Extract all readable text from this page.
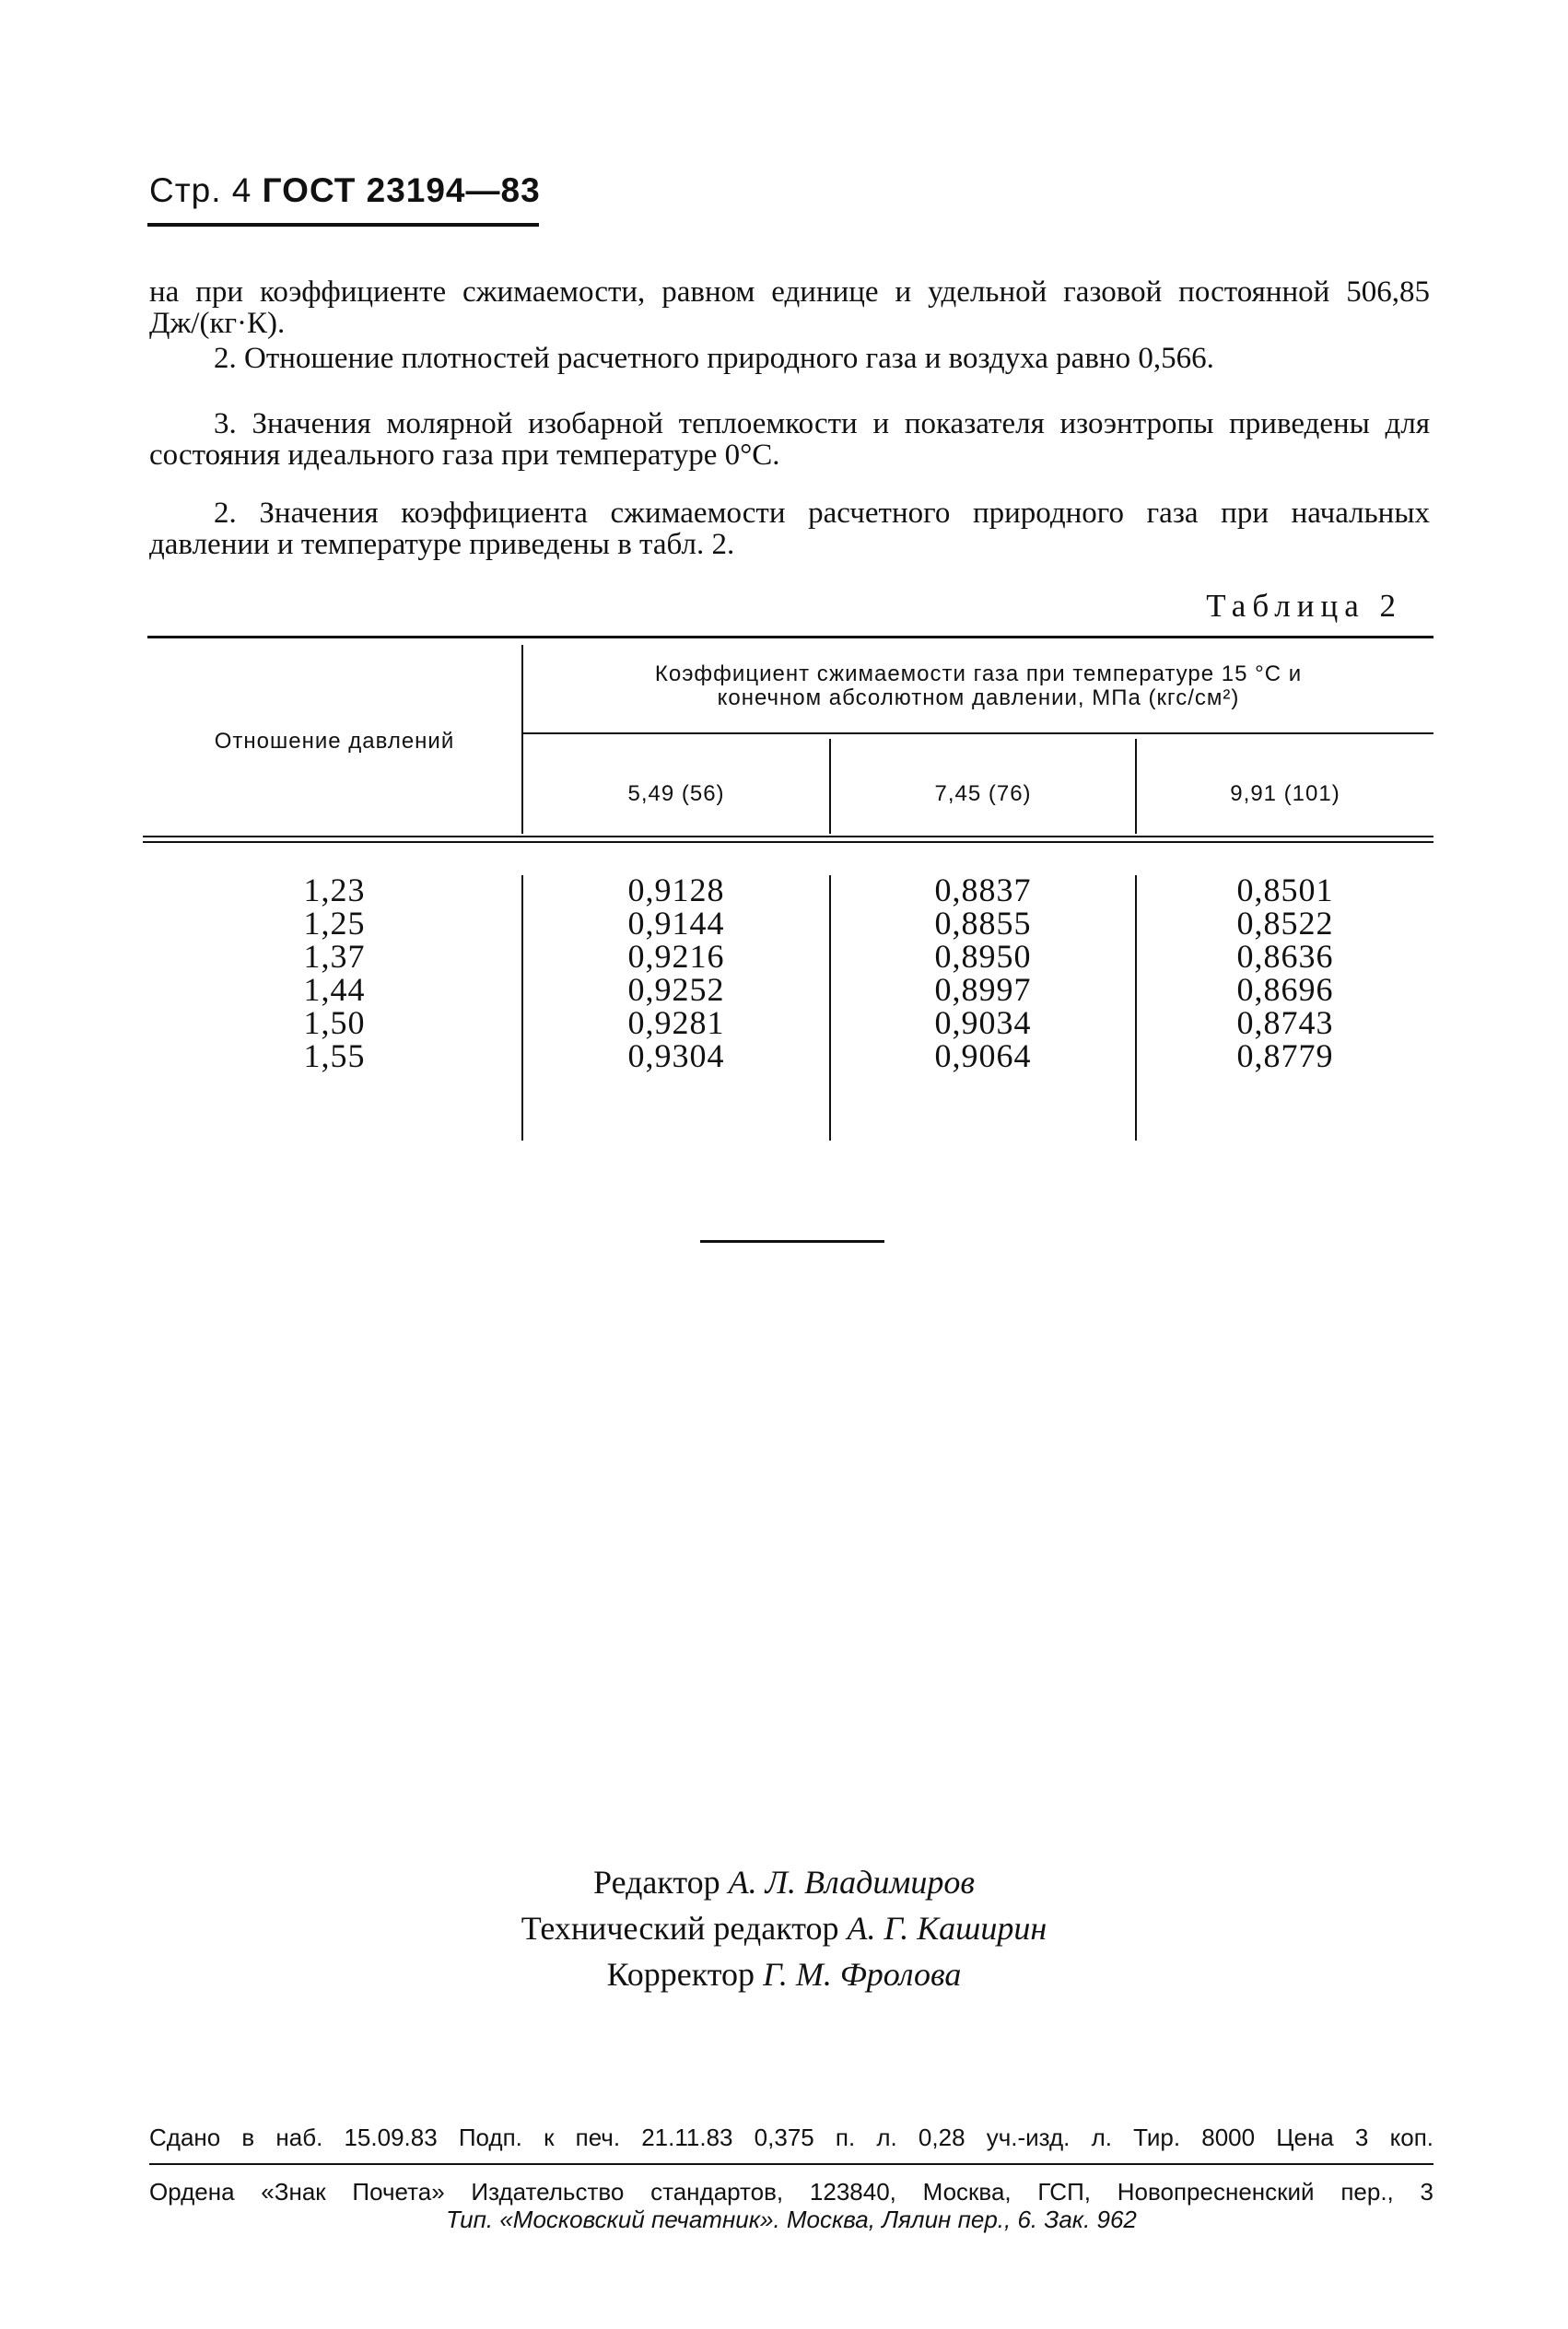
Стр. 4 ГОСТ 23194—83
на при коэффициенте сжимаемости, равном единице и удельной газовой постоянной 506,85 Дж/(кг·К).
2. Отношение плотностей расчетного природного газа и воздуха равно 0,566.
3. Значения молярной изобарной теплоемкости и показателя изоэнтропы приведены для состояния идеального газа при температуре 0°С.
2. Значения коэффициента сжимаемости расчетного природного газа при начальных давлении и температуре приведены в табл. 2.
Таблица 2
Отношение давлений
Коэффициент сжимаемости газа при температуре 15 °С и
конечном абсолютном давлении, МПа (кгс/см²)
5,49 (56)	7,45 (76)	9,91 (101)
1,23
1,25
1,37
1,44
1,50
1,55
0,9128
0,9144
0,9216
0,9252
0,9281
0,9304
0,8837
0,8855
0,8950
0,8997
0,9034
0,9064
0,8501
0,8522
0,8636
0,8696
0,8743
0,8779
Редактор А. Л. Владимиров
Технический редактор А. Г. Каширин
Корректор Г. М. Фролова
Сдано в наб. 15.09.83 Подп. к печ. 21.11.83 0,375 п. л. 0,28 уч.-изд. л. Тир. 8000 Цена 3 коп.
Ордена «Знак Почета» Издательство стандартов, 123840, Москва, ГСП, Новопресненский пер., 3
Тип. «Московский печатник». Москва, Лялин пер., 6. Зак. 962
